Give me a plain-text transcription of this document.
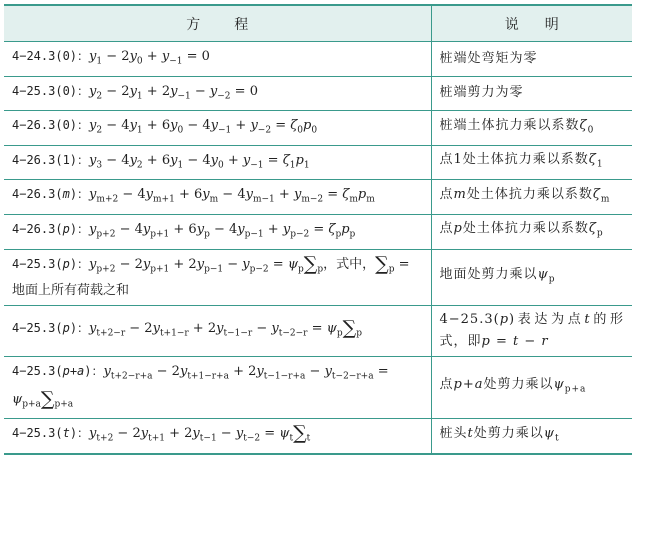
方程	说明
4−24.3(0)：$y_1 - 2y_0 + y_{-1} = 0$	桩端处弯矩为零
4−25.3(0)：$y_2 - 2y_1 + 2y_{-1} - y_{-2} = 0$	桩端剪力为零
4−26.3(0)：$y_2 - 4y_1 + 6y_0 - 4y_{-1} + y_{-2} = \zeta_0p_0$	桩端土体抗力乘以系数$\zeta_0$
4−26.3(1)：$y_3 - 4y_2 + 6y_1 - 4y_0 + y_{-1} = \zeta_1p_1$	点1处土体抗力乘以系数$\zeta_1$
4−26.3(m)：$y_{m+2} - 4y_{m+1} + 6y_m - 4y_{m-1} + y_{m-2} = \zeta_mp_m$	点m处土体抗力乘以系数$\zeta_m$
4−26.3(p)：$y_{p+2} - 4y_{p+1} + 6y_p - 4y_{p-1} + y_{p-2} = \zeta_pp_p$	点p处土体抗力乘以系数$\zeta_p$
4−25.3(p)：$y_{p+2} - 2y_{p+1} + 2y_{p-1} - y_{p-2} = \psi_p\sum_p$，式中，$\sum_p$ = 地面上所有荷载之和	地面处剪力乘以$\psi_p$
4−25.3(p)：$y_{t+2-r} - 2y_{t+1-r} + 2y_{t-1-r} - y_{t-2-r} = \psi_p\sum_p$	4−25.3(p)表达为点t的形式，即p = t − r
4−25.3(p+a)：$y_{t+2-r+a} - 2y_{t+1-r+a} + 2y_{t-1-r+a} - y_{t-2-r+a} = \psi_{p+a}\sum_{p+a}$	点p+a处剪力乘以$\psi_{p+a}$
4−25.3(t)：$y_{t+2} - 2y_{t+1} + 2y_{t-1} - y_{t-2} = \psi_t\sum_t$	桩头t处剪力乘以$\psi_t$
